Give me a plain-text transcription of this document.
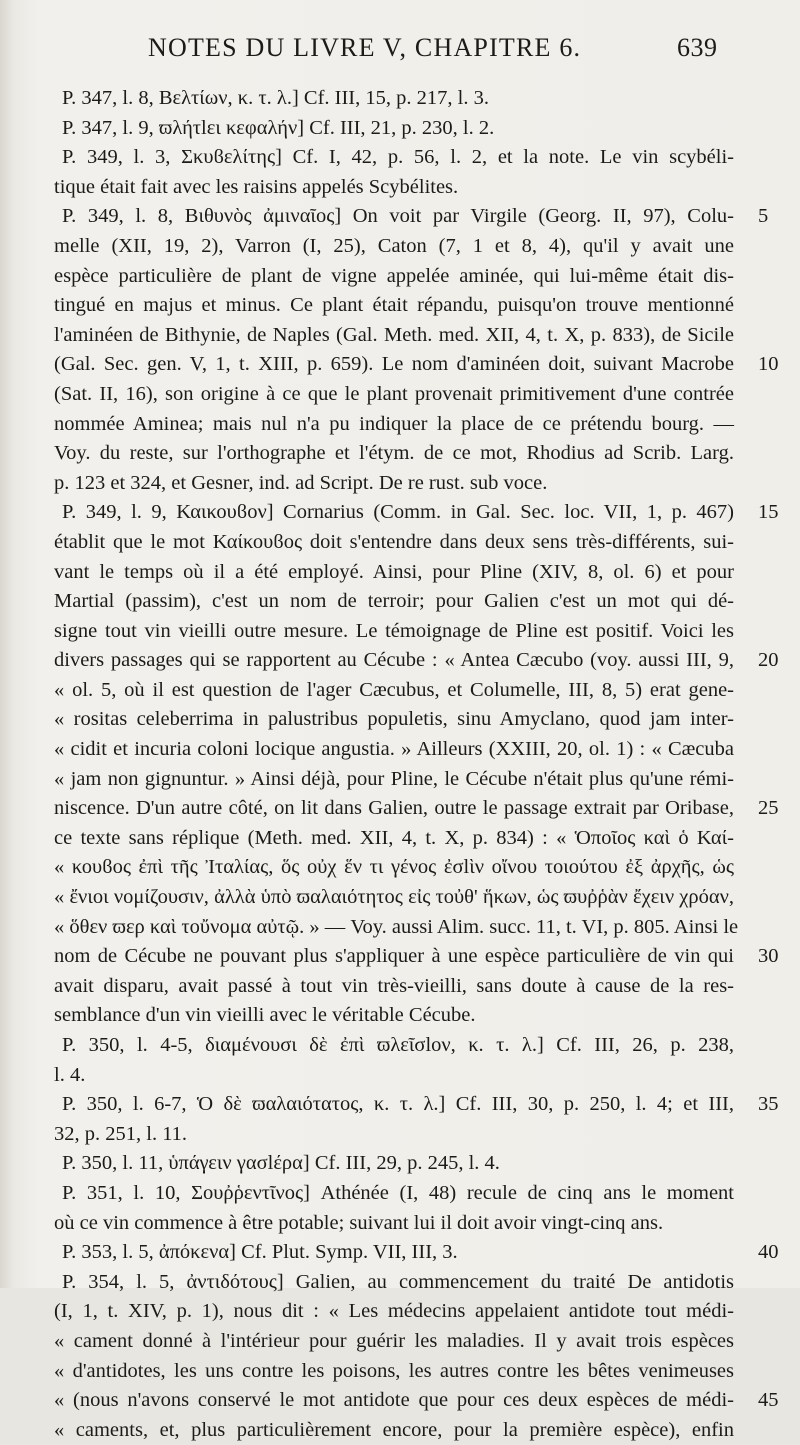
NOTES DU LIVRE V, CHAPITRE 6.	639
P. 347, l. 8, Βελτίων, κ. τ. λ.] Cf. III, 15, p. 217, l. 3.
P. 347, l. 9, ϖλήτlει κεφαλήν] Cf. III, 21, p. 230, l. 2.
P. 349, l. 3, Σκυϐελίτης] Cf. I, 42, p. 56, l. 2, et la note. Le vin scybéli-
tique était fait avec les raisins appelés Scybélites.
P. 349, l. 8, Βιθυνὸς ἀμιναῖος] On voit par Virgile (Georg. II, 97), Colu- 5
melle (XII, 19, 2), Varron (I, 25), Caton (7, 1 et 8, 4), qu'il y avait une
espèce particulière de plant de vigne appelée aminée, qui lui-même était dis-
tingué en majus et minus. Ce plant était répandu, puisqu'on trouve mentionné
l'aminéen de Bithynie, de Naples (Gal. Meth. med. XII, 4, t. X, p. 833), de Sicile
(Gal. Sec. gen. V, 1, t. XIII, p. 659). Le nom d'aminéen doit, suivant Macrobe 10
(Sat. II, 16), son origine à ce que le plant provenait primitivement d'une contrée
nommée Aminea; mais nul n'a pu indiquer la place de ce prétendu bourg. —
Voy. du reste, sur l'orthographe et l'étym. de ce mot, Rhodius ad Scrib. Larg.
p. 123 et 324, et Gesner, ind. ad Script. De re rust. sub voce.
P. 349, l. 9, Καικουϐον] Cornarius (Comm. in Gal. Sec. loc. VII, 1, p. 467) 15
établit que le mot Καίκουϐος doit s'entendre dans deux sens très-différents, sui-
vant le temps où il a été employé. Ainsi, pour Pline (XIV, 8, ol. 6) et pour
Martial (passim), c'est un nom de terroir; pour Galien c'est un mot qui dé-
signe tout vin vieilli outre mesure. Le témoignage de Pline est positif. Voici les
divers passages qui se rapportent au Cécube : « Antea Cæcubo (voy. aussi III, 9, 20
« ol. 5, où il est question de l'ager Cæcubus, et Columelle, III, 8, 5) erat gene-
« rositas celeberrima in palustribus populetis, sinu Amyclano, quod jam inter-
« cidit et incuria coloni locique angustia. » Ailleurs (XXIII, 20, ol. 1) : « Cæcuba
« jam non gignuntur. » Ainsi déjà, pour Pline, le Cécube n'était plus qu'une rémi-
niscence. D'un autre côté, on lit dans Galien, outre le passage extrait par Oribase, 25
ce texte sans réplique (Meth. med. XII, 4, t. X, p. 834) : « Ὁποῖος καὶ ὁ Καί-
« κουϐος ἐπὶ τῆς Ἰταλίας, ὅς οὐχ ἕν τι γένος ἐσlὶν οἴνου τοιούτου ἐξ ἀρχῆς, ὡς
« ἔνιοι νομίζουσιν, ἀλλὰ ὑπὸ ϖαλαιότητος εἰς τοὐθ' ἥκων, ὡς ϖυῤῥὰν ἔχειν χρόαν,
« ὅθεν ϖερ καὶ τοὔνομα αὐτῷ. » — Voy. aussi Alim. succ. 11, t. VI, p. 805. Ainsi le
nom de Cécube ne pouvant plus s'appliquer à une espèce particulière de vin qui 30
avait disparu, avait passé à tout vin très-vieilli, sans doute à cause de la res-
semblance d'un vin vieilli avec le véritable Cécube.
P. 350, l. 4-5, διαμένουσι δὲ ἐπὶ ϖλεῖσlον, κ. τ. λ.] Cf. III, 26, p. 238,
l. 4.
P. 350, l. 6-7, Ὁ δὲ ϖαλαιότατος, κ. τ. λ.] Cf. III, 30, p. 250, l. 4; et III, 35
32, p. 251, l. 11.
P. 350, l. 11, ὑπάγειν γασlέρα] Cf. III, 29, p. 245, l. 4.
P. 351, l. 10, Σουῤῥεντῖνος] Athénée (I, 48) recule de cinq ans le moment
où ce vin commence à être potable; suivant lui il doit avoir vingt-cinq ans.
P. 353, l. 5, ἀπόκενα] Cf. Plut. Symp. VII, III, 3.	40
P. 354, l. 5, ἀντιδότους] Galien, au commencement du traité De antidotis
(I, 1, t. XIV, p. 1), nous dit : « Les médecins appelaient antidote tout médi-
« cament donné à l'intérieur pour guérir les maladies. Il y avait trois espèces
« d'antidotes, les uns contre les poisons, les autres contre les bêtes venimeuses
« (nous n'avons conservé le mot antidote que pour ces deux espèces de médi- 45
« caments, et, plus particulièrement encore, pour la première espèce), enfin
